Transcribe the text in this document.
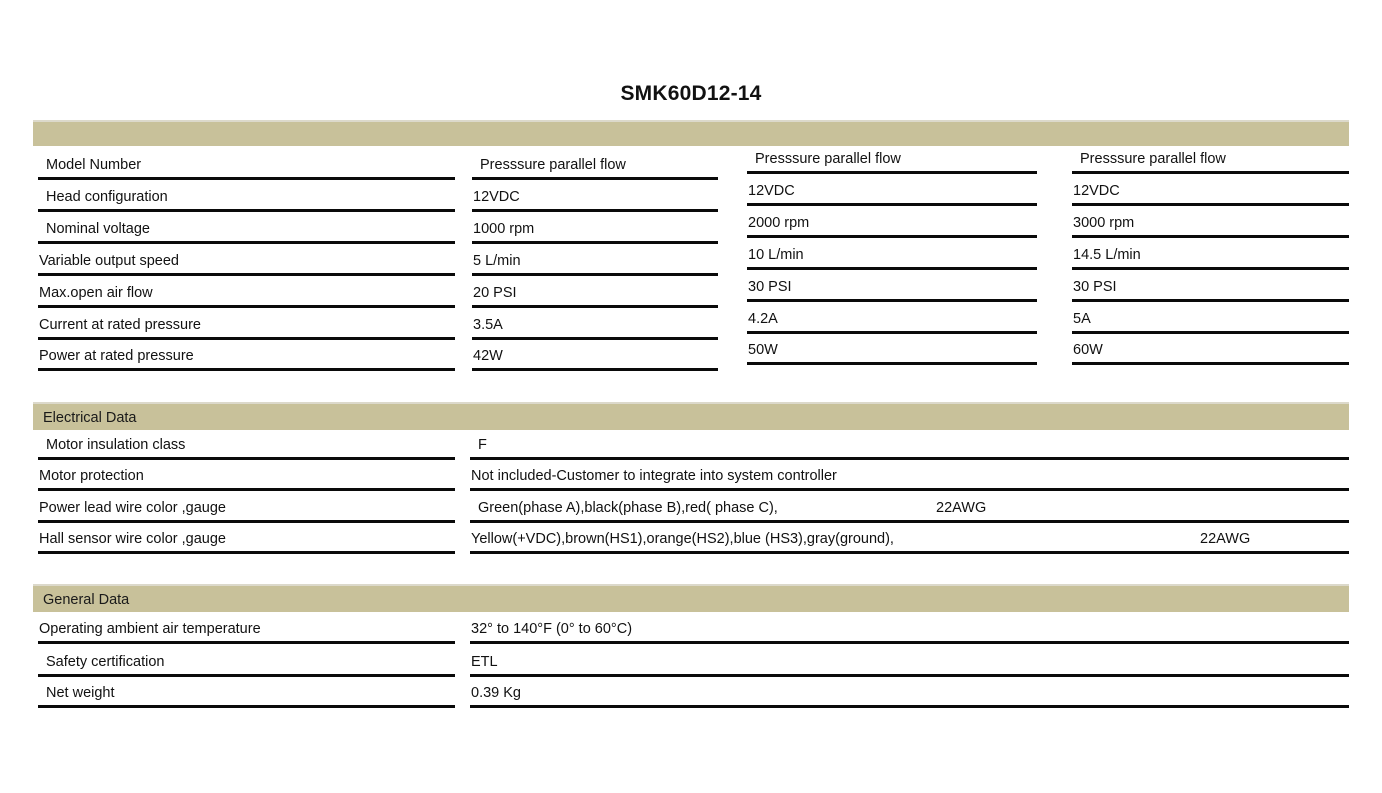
SMK60D12-14
Model Number
Head configuration
Nominal voltage
Variable output speed
Max.open air flow
Current at rated pressure
Power at rated pressure
Presssure parallel flow
12VDC
1000 rpm
5 L/min
20 PSI
3.5A
42W
Presssure parallel flow
12VDC
2000 rpm
10 L/min
30 PSI
4.2A
50W
Presssure parallel flow
12VDC
3000 rpm
14.5 L/min
30 PSI
5A
60W
Electrical Data
Motor insulation class
Motor protection
Power lead wire color ,gauge
Hall sensor wire color ,gauge
F
Not included-Customer to integrate into system controller
Green(phase A),black(phase B),red( phase C),	22AWG
Yellow(+VDC),brown(HS1),orange(HS2),blue (HS3),gray(ground),	22AWG
General Data
Operating ambient air temperature
Safety certification
Net weight
32° to 140°F (0° to 60°C)
ETL
0.39 Kg
